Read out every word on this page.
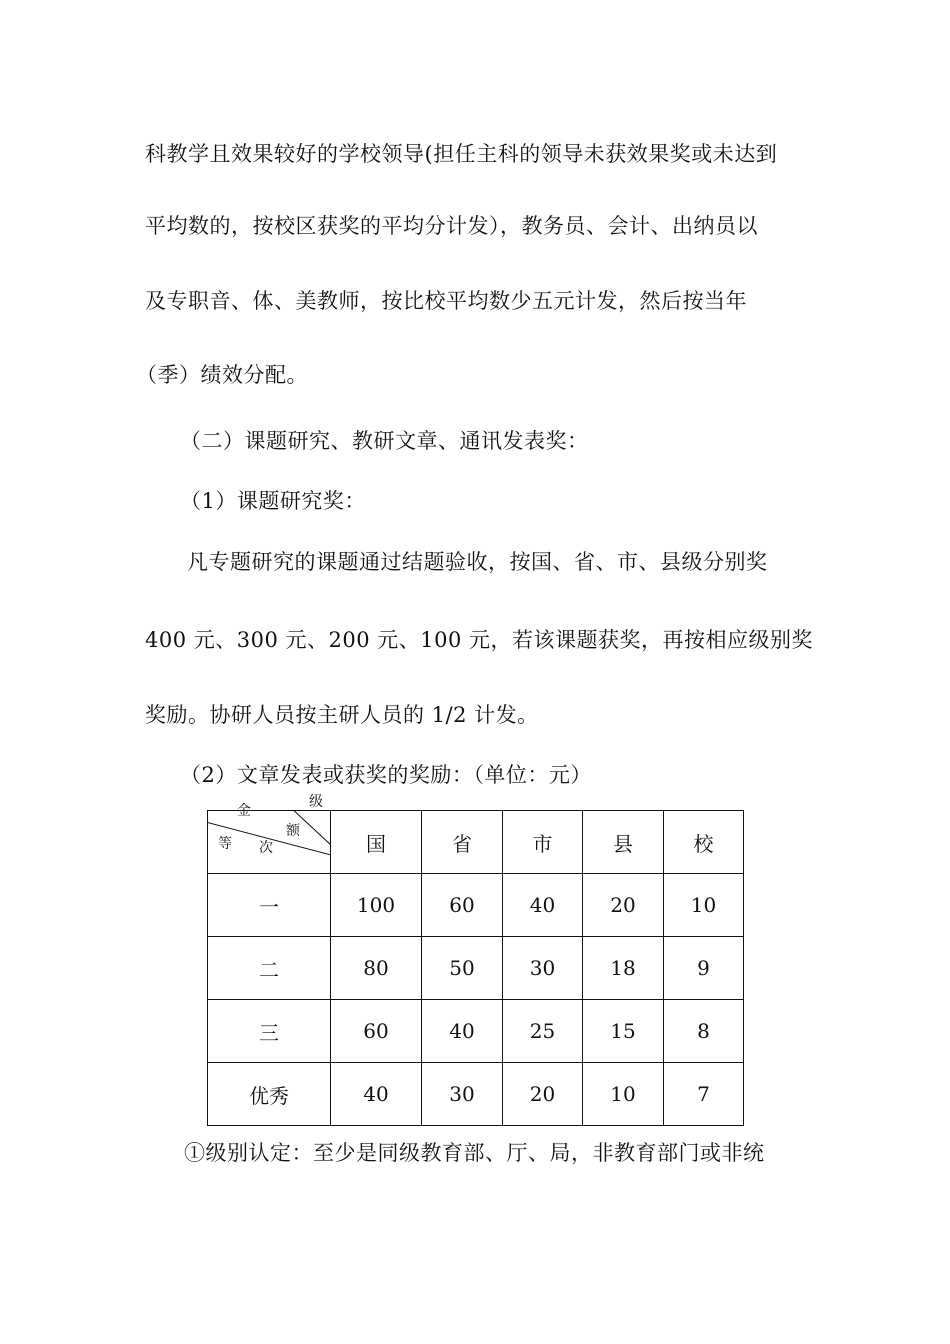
科教学且效果较好的学校领导(担任主科的领导未获效果奖或未达到
平均数的，按校区获奖的平均分计发），教务员、会计、出纳员以
及专职音、体、美教师，按比校平均数少五元计发，然后按当年
（季）绩效分配。
（二）课题研究、教研文章、通讯发表奖：
（1）课题研究奖：
凡专题研究的课题通过结题验收，按国、省、市、县级分别奖
400 元、300 元、200 元、100 元，若该课题获奖，再按相应级别奖
奖励。协研人员按主研人员的 1/2 计发。
（2）文章发表或获奖的奖励：（单位：元）
金
级
额
等 次	国	省	市	县	校
一	100	60	40	20	10
二	80	50	30	18	9
三	60	40	25	15	8
优秀	40	30	20	10	7
①级别认定：至少是同级教育部、厅、局，非教育部门或非统
